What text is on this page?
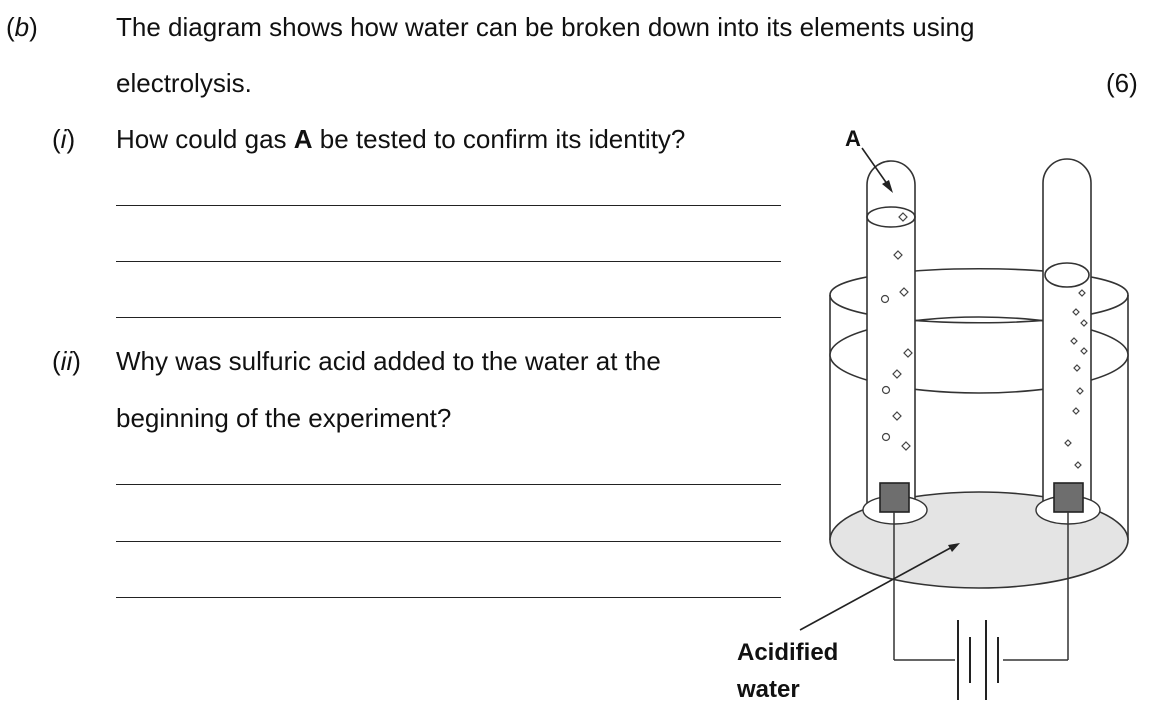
(b)	The diagram shows how water can be broken down into its elements using
electrolysis.	(6)
(i) How could gas A be tested to confirm its identity?
(ii) Why was sulfuric acid added to the water at the
beginning of the experiment?
A
Acidified
water
